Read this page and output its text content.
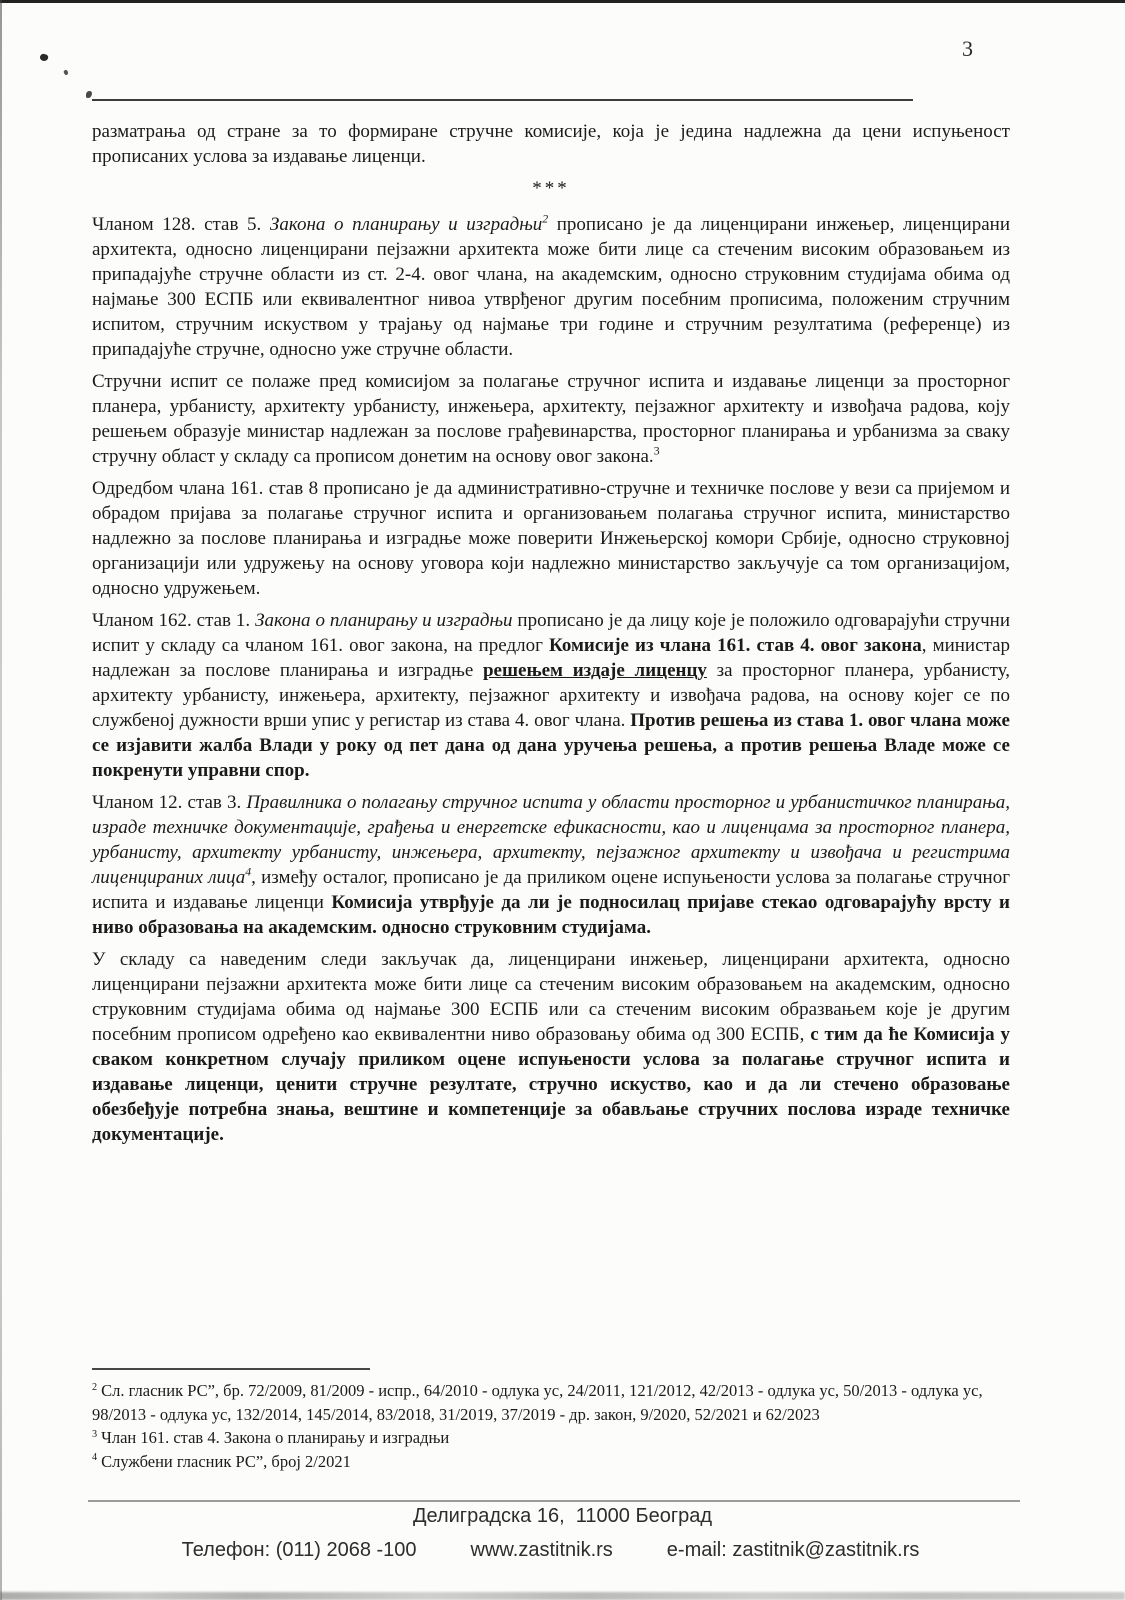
3
разматрања од стране за то формиране стручне комисије, која је једина надлежна да цени испуњеност прописаних услова за издавање лиценци.
***
Чланом 128. став 5. Закона о планирању и изградњи$^2$ прописано је да лиценцирани инжењер, лиценцирани архитекта, односно лиценцирани пејзажни архитекта може бити лице са стеченим високим образовањем из припадајуће стручне области из ст. 2-4. овог члана, на академским, односно струковним студијама обима од најмање 300 ЕСПБ или еквивалентног нивоа утврђеног другим посебним прописима, положеним стручним испитом, стручним искуством у трајању од најмање три године и стручним резултатима (референце) из припадајуће стручне, односно уже стручне области.
Стручни испит се полаже пред комисијом за полагање стручног испита и издавање лиценци за просторног планера, урбанисту, архитекту урбанисту, инжењера, архитекту, пејзажног архитекту и извођача радова, коју решењем образује министар надлежан за послове грађевинарства, просторног планирања и урбанизма за сваку стручну област у складу са прописом донетим на основу овог закона.$^3$
Одредбом члана 161. став 8 прописано је да административно-стручне и техничке послове у вези са пријемом и обрадом пријава за полагање стручног испита и организовањем полагања стручног испита, министарство надлежно за послове планирања и изградње може поверити Инжењерској комори Србије, односно струковној организацији или удружењу на основу уговора који надлежно министарство закључује са том организацијом, односно удружењем.
Чланом 162. став 1. Закона о планирању и изградњи прописано је да лицу које је положило одговарајући стручни испит у складу са чланом 161. овог закона, на предлог Комисије из члана 161. став 4. овог закона, министар надлежан за послове планирања и изградње решењем издаје лиценцу за просторног планера, урбанисту, архитекту урбанисту, инжењера, архитекту, пејзажног архитекту и извођача радова, на основу којег се по службеној дужности врши упис у регистар из става 4. овог члана. Против решења из става 1. овог члана може се изјавити жалба Влади у року од пет дана од дана уручења решења, а против решења Владе може се покренути управни спор.
Чланом 12. став 3. Правилника о полагању стручног испита у области просторног и урбанистичког планирања, израде техничке документације, грађења и енергетске ефикасности, као и лиценцама за просторног планера, урбанисту, архитекту урбанисту, инжењера, архитекту, пејзажног архитекту и извођача и регистрима лиценцираних лица$^4$, између осталог, прописано је да приликом оцене испуњености услова за полагање стручног испита и издавање лиценци Комисија утврђује да ли је подносилац пријаве стекао одговарајућу врсту и ниво образовања на академским. односно струковним студијама.
У складу са наведеним следи закључак да, лиценцирани инжењер, лиценцирани архитекта, односно лиценцирани пејзажни архитекта може бити лице са стеченим високим образовањем на академским, односно струковним студијама обима од најмање 300 ЕСПБ или са стеченим високим образвањем које је другим посебним прописом одређено као еквивалентни ниво образовању обима од 300 ЕСПБ, с тим да ће Комисија у сваком конкретном случају приликом оцене испуњености услова за полагање стручног испита и издавање лиценци, ценити стручне резултате, стручно искуство, као и да ли стечено образовање обезбеђује потребна знања, вештине и компетенције за обављање стручних послова израде техничке документације.
$^2$ Сл. гласник РС”, бр. 72/2009, 81/2009 - испр., 64/2010 - одлука ус, 24/2011, 121/2012, 42/2013 - одлука ус, 50/2013 - одлука ус, 98/2013 - одлука ус, 132/2014, 145/2014, 83/2018, 31/2019, 37/2019 - др. закон, 9/2020, 52/2021 и 62/2023
$^3$ Члан 161. став 4. Закона о планирању и изградњи
$^4$ Службени гласник РС”, број 2/2021
Делиградска 16,  11000 Београд
Телефон: (011) 2068 -100	www.zastitnik.rs	e-mail: zastitnik@zastitnik.rs
